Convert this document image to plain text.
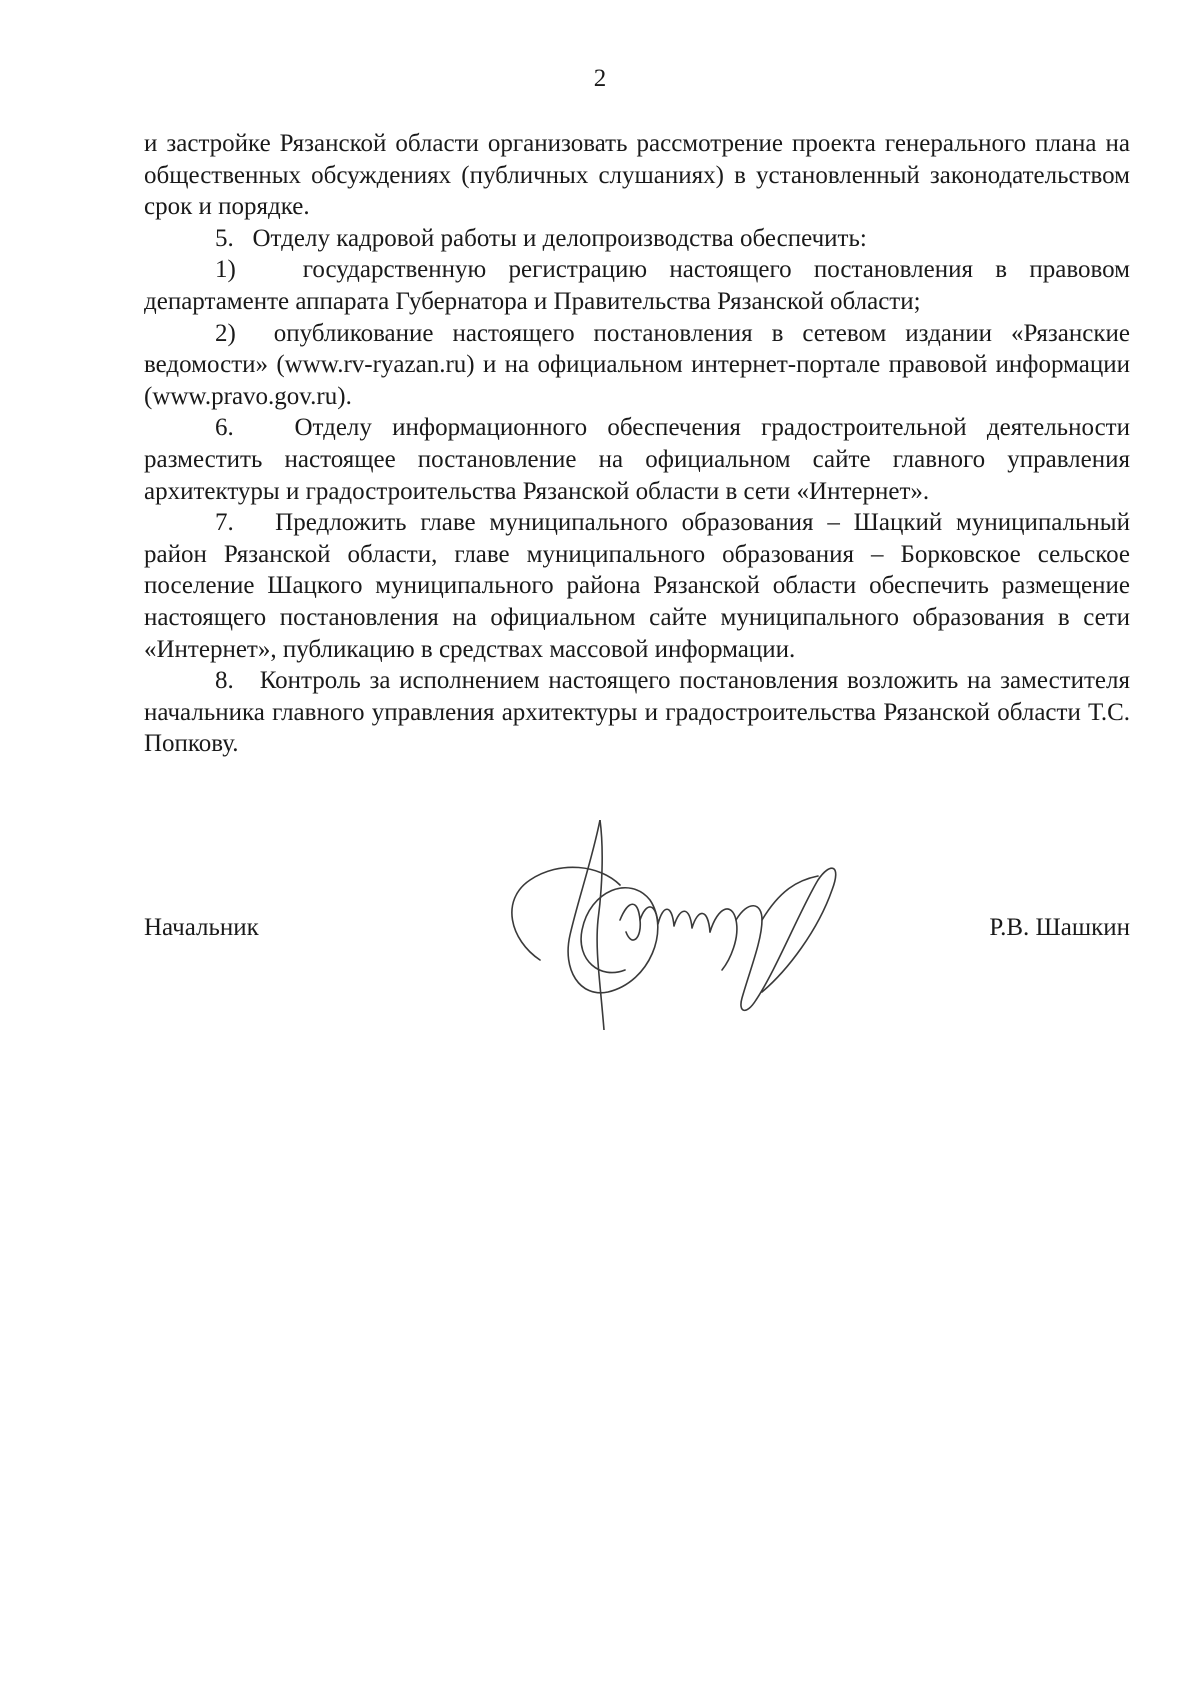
2

и застройке Рязанской области организовать рассмотрение проекта генерального плана на общественных обсуждениях (публичных слушаниях) в установленный законодательством срок и порядке.

5.   Отделу кадровой работы и делопроизводства обеспечить:

1)   государственную регистрацию настоящего постановления в правовом департаменте аппарата Губернатора и Правительства Рязанской области;

2)  опубликование настоящего постановления в сетевом издании «Рязанские ведомости» (www.rv-ryazan.ru) и на официальном интернет-портале правовой информации (www.pravo.gov.ru).

6.   Отделу информационного обеспечения градостроительной деятельности разместить настоящее постановление на официальном сайте главного управления архитектуры и градостроительства Рязанской области в сети «Интернет».

7.   Предложить главе муниципального образования – Шацкий муниципальный район Рязанской области, главе муниципального образования – Борковское сельское поселение Шацкого муниципального района Рязанской области обеспечить размещение настоящего постановления на официальном сайте муниципального образования в сети «Интернет», публикацию в средствах массовой информации.

8.   Контроль за исполнением настоящего постановления возложить на заместителя начальника главного управления архитектуры и градостроительства Рязанской области Т.С. Попкову.

Начальник	Р.В. Шашкин
